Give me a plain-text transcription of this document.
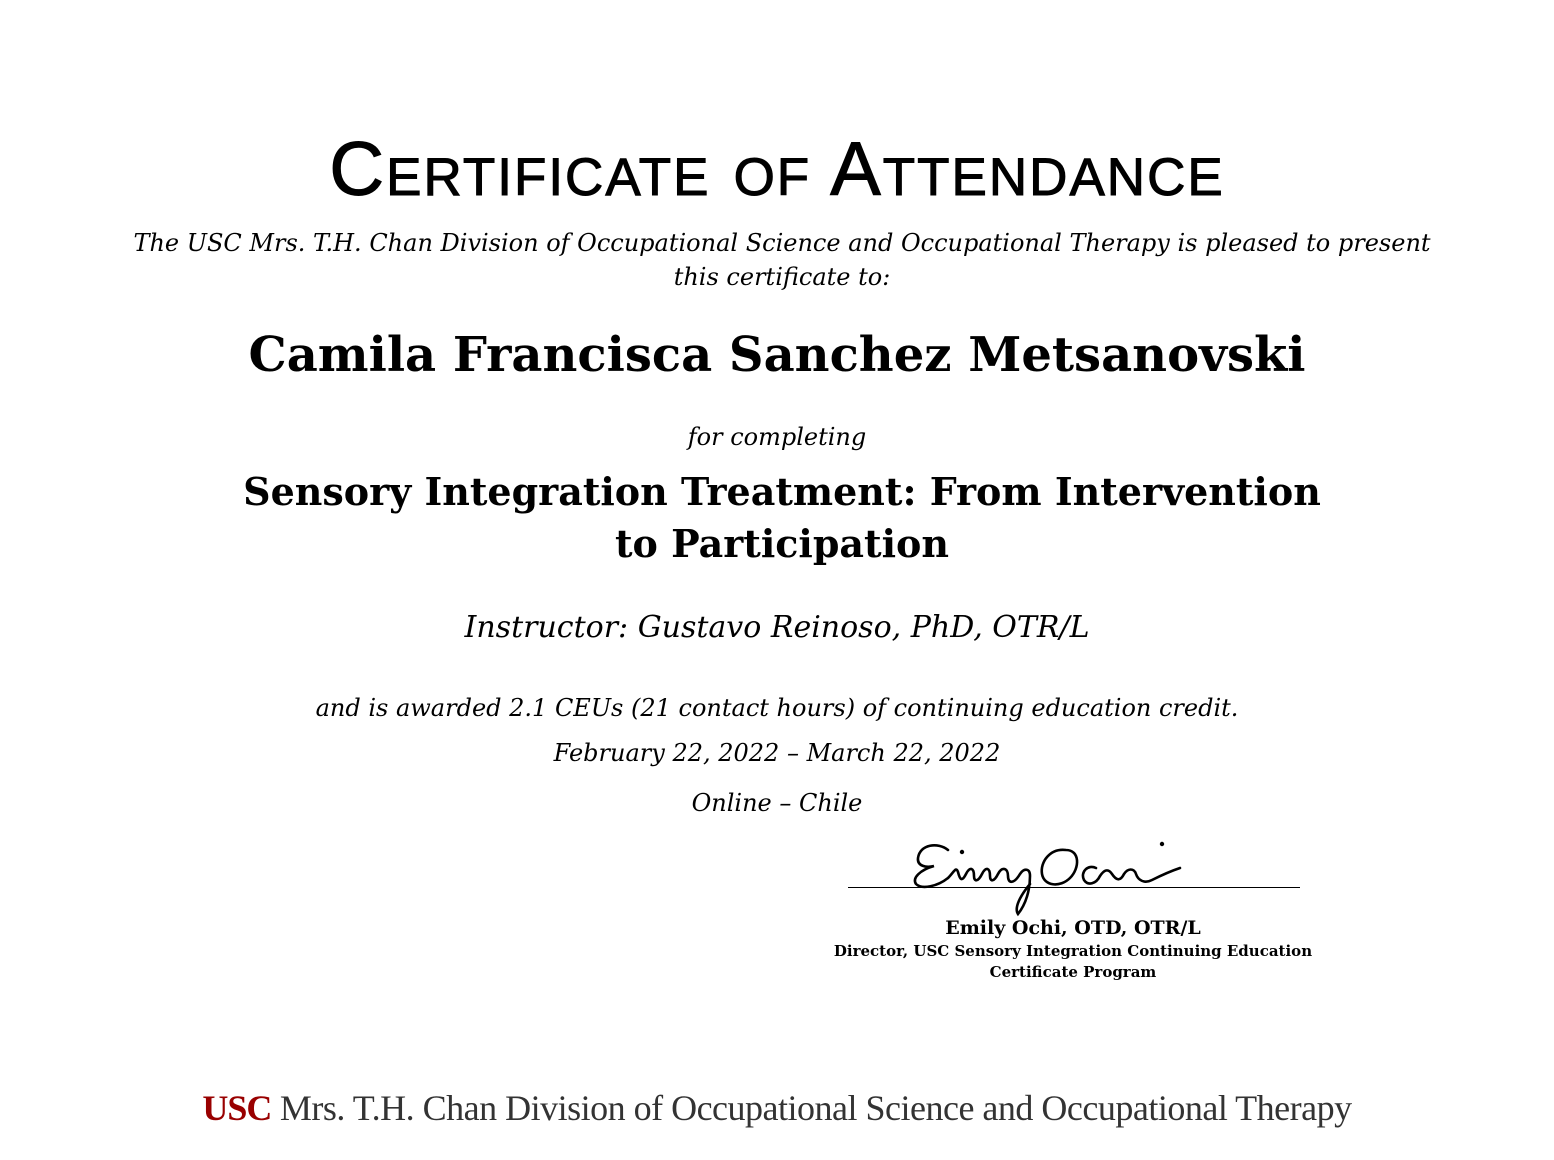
Certificate of Attendance
The USC Mrs. T.H. Chan Division of Occupational Science and Occupational Therapy is pleased to present this certificate to:
Camila Francisca Sanchez Metsanovski
for completing
Sensory Integration Treatment: From Intervention to Participation
Instructor: Gustavo Reinoso, PhD, OTR/L
and is awarded 2.1 CEUs (21 contact hours) of continuing education credit.
February 22, 2022 – March 22, 2022
Online – Chile
Emily Ochi, OTD, OTR/L
Director, USC Sensory Integration Continuing Education Certificate Program
USC Mrs. T.H. Chan Division of Occupational Science and Occupational Therapy
